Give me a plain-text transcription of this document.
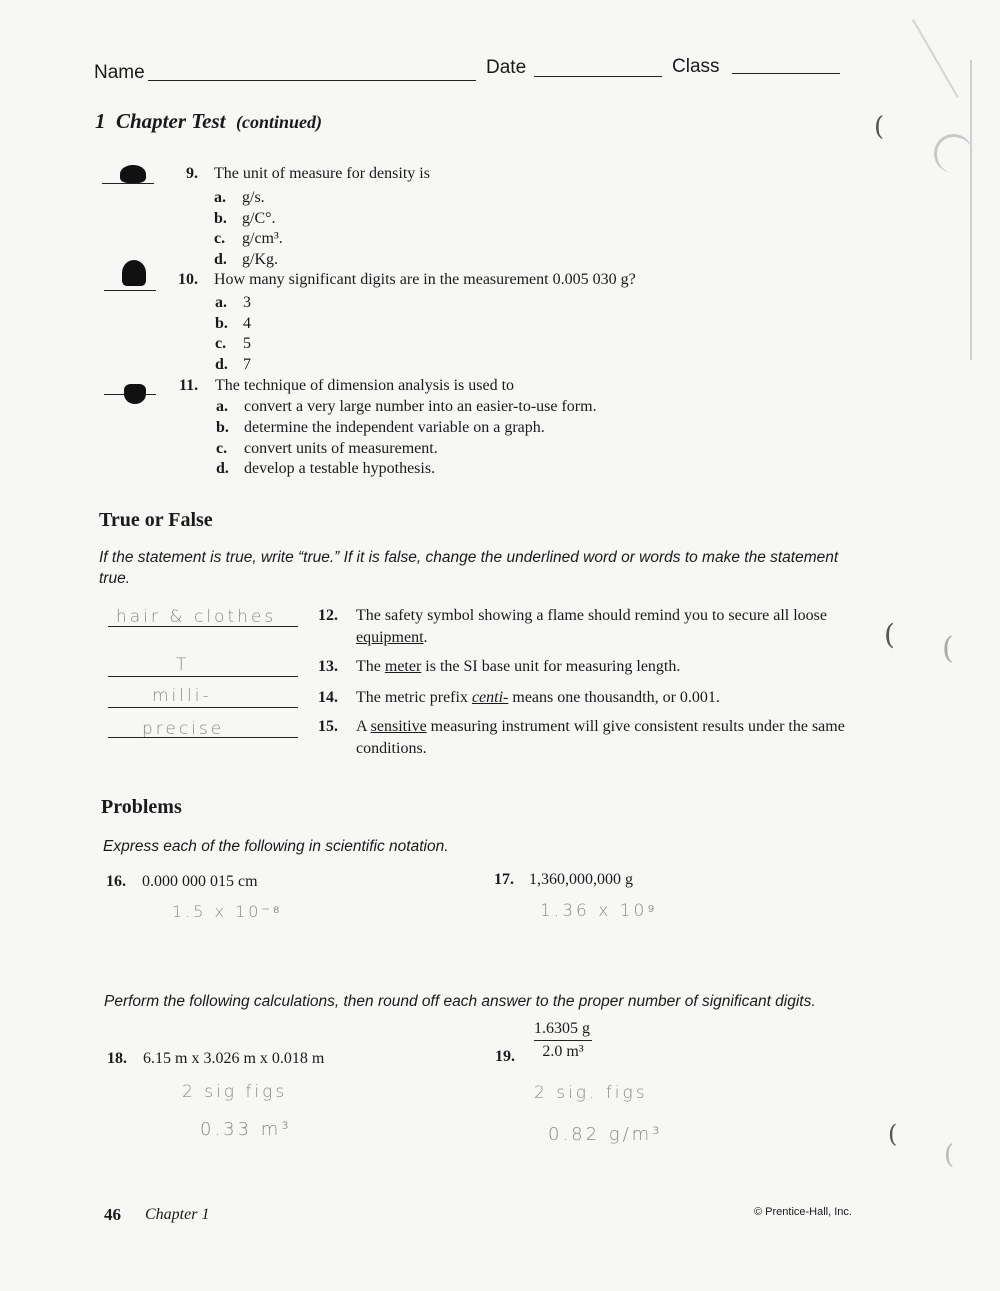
Name	Date	Class
1 Chapter Test (continued)
9. The unit of measure for density is
a. g/s.
b. g/C°.
c. g/cm³.
d. g/Kg.
10. How many significant digits are in the measurement 0.005 030 g?
a. 3
b. 4
c. 5
d. 7
11. The technique of dimension analysis is used to
a. convert a very large number into an easier-to-use form.
b. determine the independent variable on a graph.
c. convert units of measurement.
d. develop a testable hypothesis.
True or False
If the statement is true, write “true.” If it is false, change the underlined word or words to make the statement true.
hair & clothes	12.	The safety symbol showing a flame should remind you to secure all loose equipment.
T	13.	The meter is the SI base unit for measuring length.
milli-	14.	The metric prefix centi- means one thousandth, or 0.001.
precise	15.	A sensitive measuring instrument will give consistent results under the same conditions.
Problems
Express each of the following in scientific notation.
16. 0.000 000 015 cm
1.5 x 10⁻⁸
17. 1,360,000,000 g
1.36 x 10⁹
Perform the following calculations, then round off each answer to the proper number of significant digits.
18. 6.15 m x 3.026 m x 0.018 m
2 sig figs
0.33 m³
19.	$\frac{1.6305 g}{\text{2.0 m³}}$
2 sig. figs
0.82 g/m³
46 Chapter 1	© Prentice-Hall, Inc.
(
( (
(
(
